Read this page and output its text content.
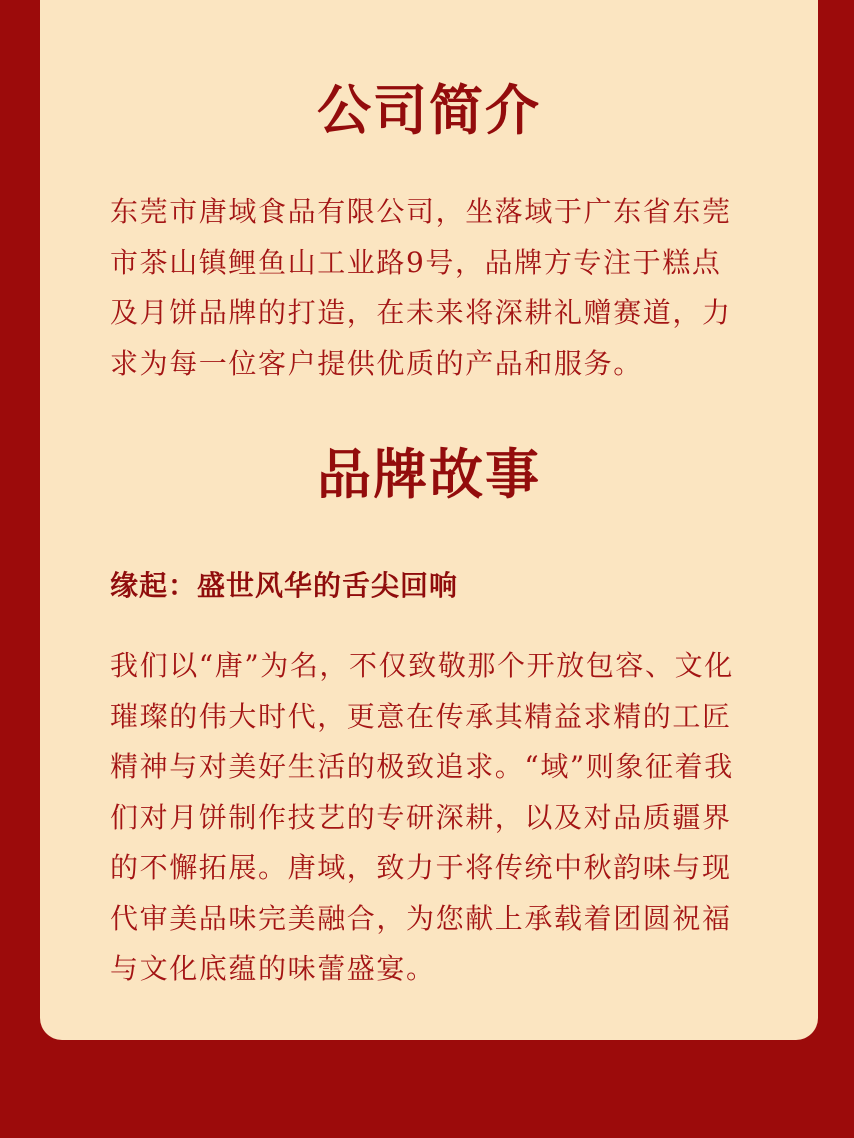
公司简介

东莞市唐域食品有限公司，坐落域于广东省东莞市茶山镇鲤鱼山工业路9号，品牌方专注于糕点及月饼品牌的打造，在未来将深耕礼赠赛道，力求为每一位客户提供优质的产品和服务。

品牌故事
缘起：盛世风华的舌尖回响

我们以“唐”为名，不仅致敬那个开放包容、文化璀璨的伟大时代，更意在传承其精益求精的工匠精神与对美好生活的极致追求。“域”则象征着我们对月饼制作技艺的专研深耕，以及对品质疆界的不懈拓展。唐域，致力于将传统中秋韵味与现代审美品味完美融合，为您献上承载着团圆祝福与文化底蕴的味蕾盛宴。
